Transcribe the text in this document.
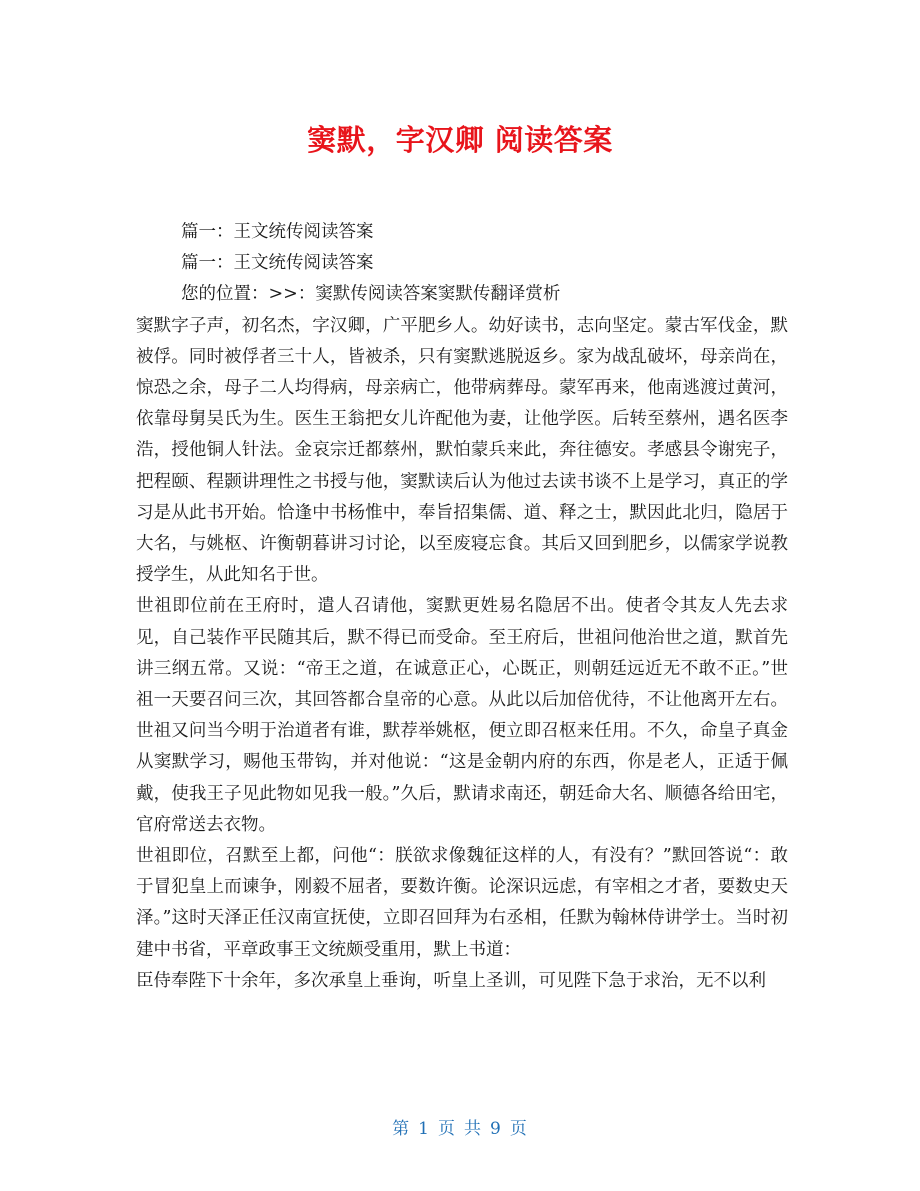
窦默，字汉卿 阅读答案
篇一：王文统传阅读答案
篇一：王文统传阅读答案
您的位置：>>：窦默传阅读答案窦默传翻译赏析

窦默字子声，初名杰，字汉卿，广平肥乡人。幼好读书，志向坚定。蒙古军伐金，默被俘。同时被俘者三十人，皆被杀，只有窦默逃脱返乡。家为战乱破坏，母亲尚在，惊恐之余，母子二人均得病，母亲病亡，他带病葬母。蒙军再来，他南逃渡过黄河，依靠母舅吴氏为生。医生王翁把女儿许配他为妻，让他学医。后转至蔡州，遇名医李浩，授他铜人针法。金哀宗迁都蔡州，默怕蒙兵来此，奔往德安。孝感县令谢宪子，把程颐、程颢讲理性之书授与他，窦默读后认为他过去读书谈不上是学习，真正的学习是从此书开始。恰逢中书杨惟中，奉旨招集儒、道、释之士，默因此北归，隐居于大名，与姚枢、许衡朝暮讲习讨论，以至废寝忘食。其后又回到肥乡，以儒家学说教授学生，从此知名于世。

世祖即位前在王府时，遣人召请他，窦默更姓易名隐居不出。使者令其友人先去求见，自己装作平民随其后，默不得已而受命。至王府后，世祖问他治世之道，默首先讲三纲五常。又说：“帝王之道，在诚意正心，心既正，则朝廷远近无不敢不正。”世祖一天要召问三次，其回答都合皇帝的心意。从此以后加倍优待，不让他离开左右。世祖又问当今明于治道者有谁，默荐举姚枢，便立即召枢来任用。不久，命皇子真金从窦默学习，赐他玉带钩，并对他说：“这是金朝内府的东西，你是老人，正适于佩戴，使我王子见此物如见我一般。”久后，默请求南还，朝廷命大名、顺德各给田宅，官府常送去衣物。

世祖即位，召默至上都，问他“：朕欲求像魏征这样的人，有没有？”默回答说“：敢于冒犯皇上而谏争，刚毅不屈者，要数许衡。论深识远虑，有宰相之才者，要数史天泽。”这时天泽正任汉南宣抚使，立即召回拜为右丞相，任默为翰林侍讲学士。当时初建中书省，平章政事王文统颇受重用，默上书道：

臣侍奉陛下十余年，多次承皇上垂询，听皇上圣训，可见陛下急于求治，无不以利

第 1 页 共 9 页
